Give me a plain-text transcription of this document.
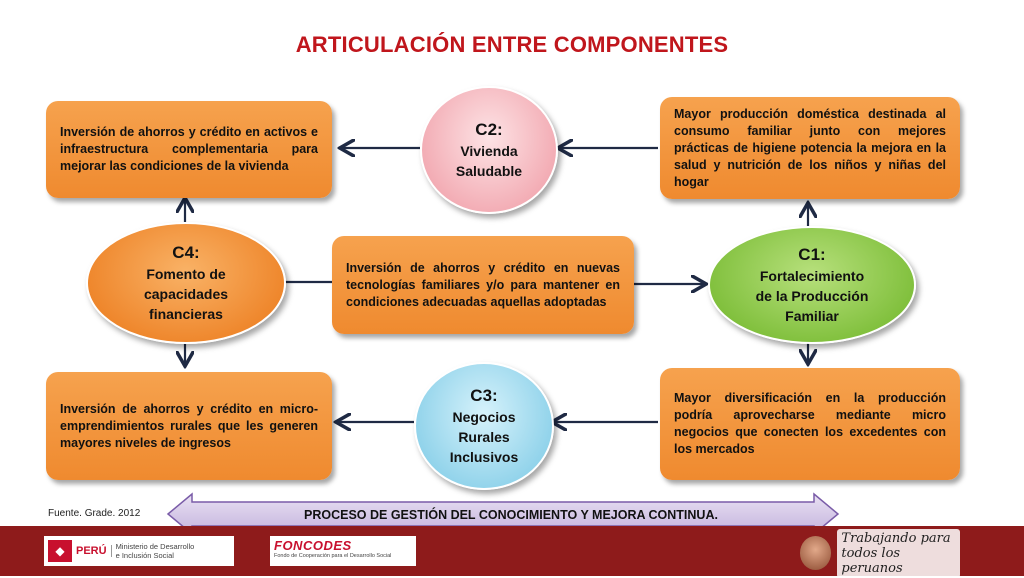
ARTICULACIÓN ENTRE COMPONENTES
Inversión de ahorros y crédito en activos e infraestructura complementaria para mejorar las condiciones de la vivienda
C2:
Vivienda
Saludable
Mayor producción doméstica destinada al consumo familiar junto con mejores prácticas de higiene potencia la mejora en la salud y nutrición de los niños y niñas del hogar
C4:
Fomento de
capacidades
financieras
Inversión de ahorros y crédito en nuevas tecnologías familiares y/o para mantener en condiciones adecuadas aquellas adoptadas
C1:
Fortalecimiento
de la Producción
Familiar
Inversión de ahorros y crédito en micro-emprendimientos rurales que les generen mayores niveles de ingresos
C3:
Negocios
Rurales
Inclusivos
Mayor diversificación en la producción podría aprovecharse mediante micro negocios que conecten los excedentes con los mercados
Fuente. Grade. 2012	PROCESO DE GESTIÓN DEL CONOCIMIENTO Y MEJORA CONTINUA.
◆	PERÚ	Ministerio de Desarrollo
e Inclusión Social
FONCODES
Fondo de Cooperación para el Desarrollo Social
Trabajando para
todos los peruanos
